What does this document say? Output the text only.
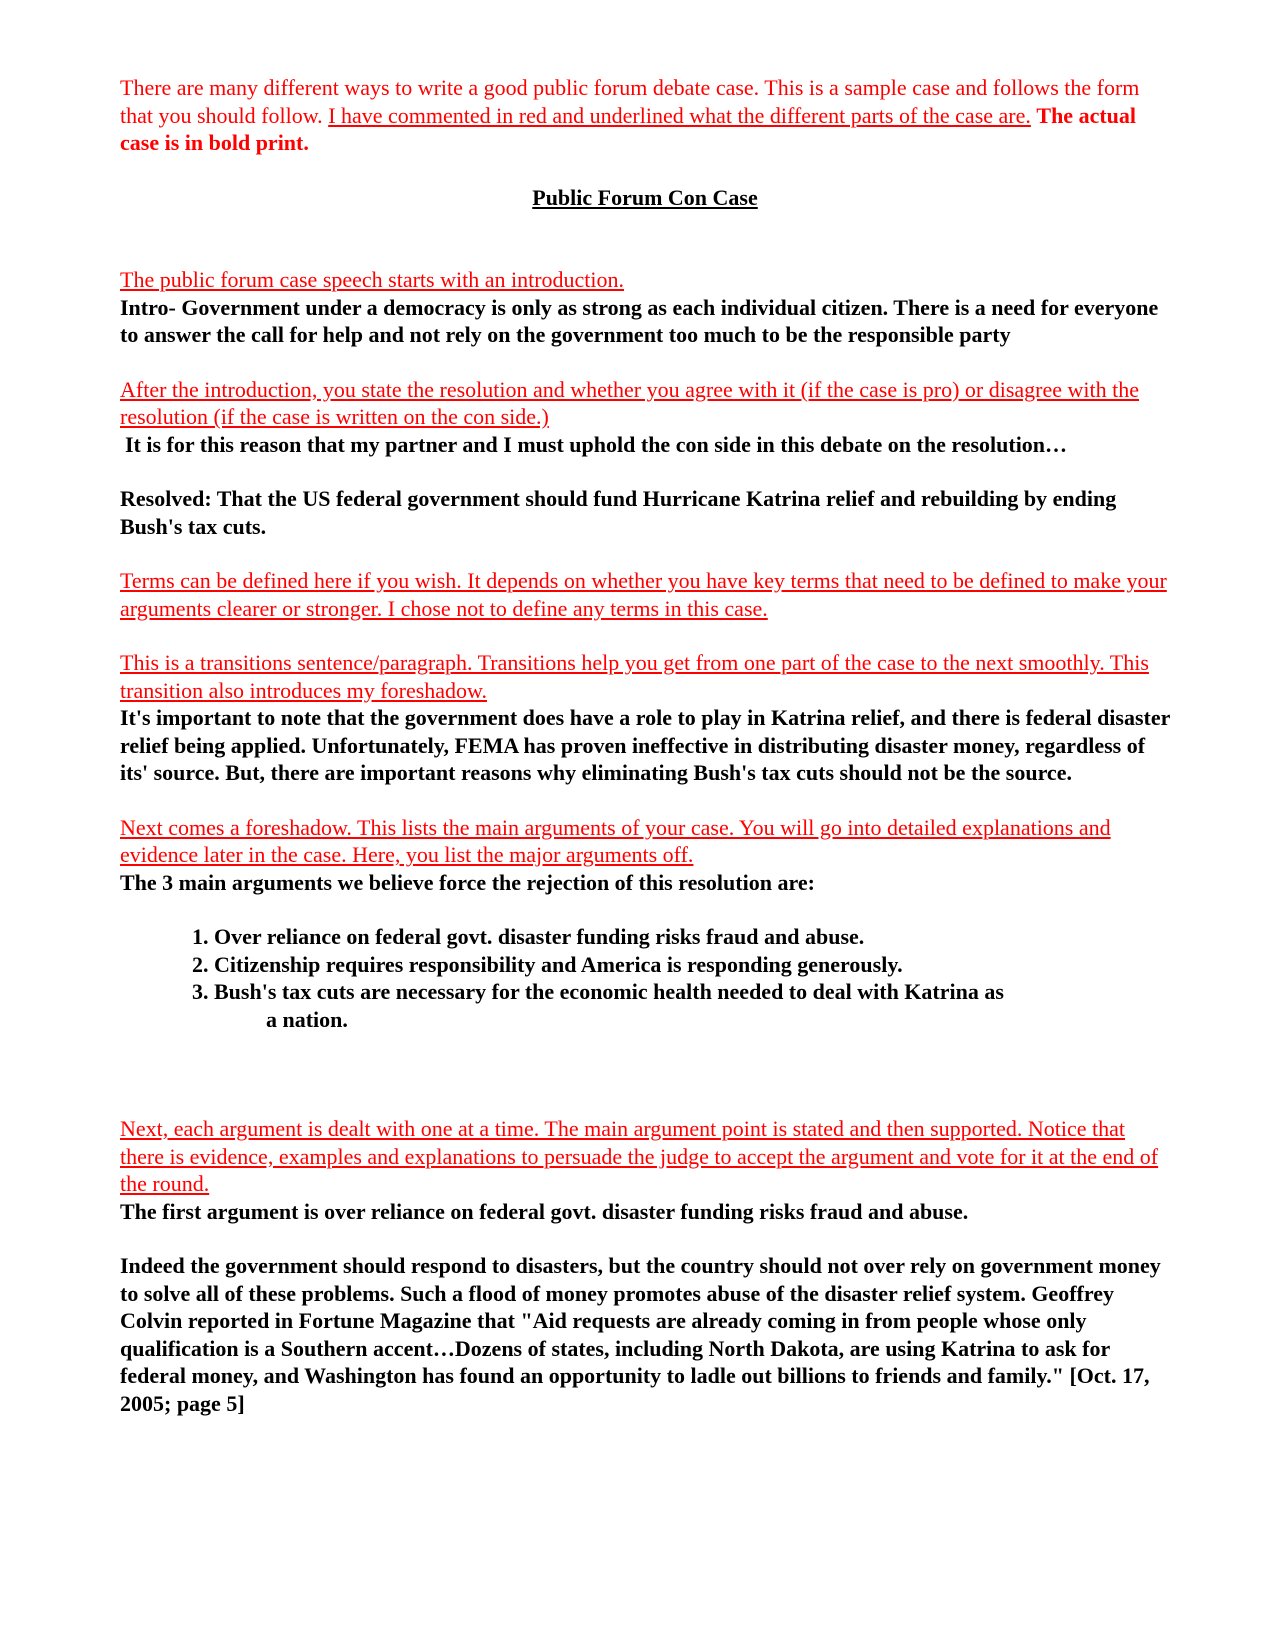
There are many different ways to write a good public forum debate case. This is a sample case and follows the form that you should follow. I have commented in red and underlined what the different parts of the case are. The actual case is in bold print.

Public Forum Con Case

The public forum case speech starts with an introduction.

Intro- Government under a democracy is only as strong as each individual citizen. There is a need for everyone to answer the call for help and not rely on the government too much to be the responsible party

After the introduction, you state the resolution and whether you agree with it (if the case is pro) or disagree with the resolution (if the case is written on the con side.)

It is for this reason that my partner and I must uphold the con side in this debate on the resolution…

Resolved: That the US federal government should fund Hurricane Katrina relief and rebuilding by ending Bush's tax cuts.

Terms can be defined here if you wish. It depends on whether you have key terms that need to be defined to make your arguments clearer or stronger. I chose not to define any terms in this case.

This is a transitions sentence/paragraph. Transitions help you get from one part of the case to the next smoothly. This transition also introduces my foreshadow.

It's important to note that the government does have a role to play in Katrina relief, and there is federal disaster relief being applied. Unfortunately, FEMA has proven ineffective in distributing disaster money, regardless of its' source. But, there are important reasons why eliminating Bush's tax cuts should not be the source.

Next comes a foreshadow. This lists the main arguments of your case. You will go into detailed explanations and evidence later in the case. Here, you list the major arguments off.

The 3 main arguments we believe force the rejection of this resolution are:

1. Over reliance on federal govt. disaster funding risks fraud and abuse.
2. Citizenship requires responsibility and America is responding generously.
3. Bush's tax cuts are necessary for the economic health needed to deal with Katrina as
a nation.

Next, each argument is dealt with one at a time. The main argument point is stated and then supported. Notice that there is evidence, examples and explanations to persuade the judge to accept the argument and vote for it at the end of the round.

The first argument is over reliance on federal govt. disaster funding risks fraud and abuse.

Indeed the government should respond to disasters, but the country should not over rely on government money to solve all of these problems. Such a flood of money promotes abuse of the disaster relief system. Geoffrey Colvin reported in Fortune Magazine that "Aid requests are already coming in from people whose only qualification is a Southern accent…Dozens of states, including North Dakota, are using Katrina to ask for federal money, and Washington has found an opportunity to ladle out billions to friends and family." [Oct. 17, 2005; page 5]
